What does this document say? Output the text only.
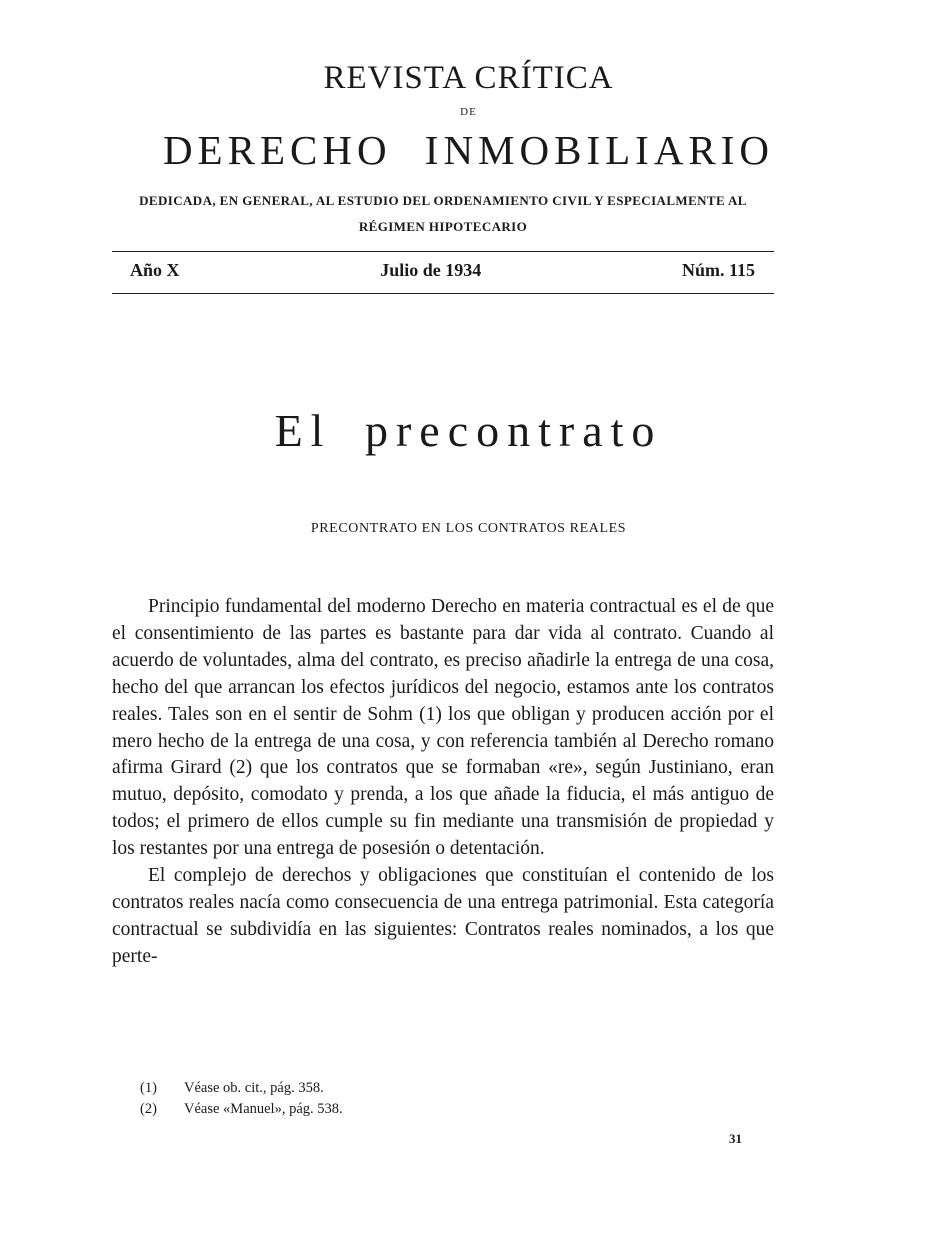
REVISTA CRÍTICA
DE
DERECHO INMOBILIARIO
DEDICADA, EN GENERAL, AL ESTUDIO DEL ORDENAMIENTO CIVIL Y ESPECIALMENTE AL RÉGIMEN HIPOTECARIO
Año X	Julio de 1934	Núm. 115
El precontrato
PRECONTRATO EN LOS CONTRATOS REALES

Principio fundamental del moderno Derecho en materia contractual es el de que el consentimiento de las partes es bastante para dar vida al contrato. Cuando al acuerdo de voluntades, alma del contrato, es preciso añadirle la entrega de una cosa, hecho del que arrancan los efectos jurídicos del negocio, estamos ante los contratos reales. Tales son en el sentir de Sohm (1) los que obligan y producen acción por el mero hecho de la entrega de una cosa, y con referencia también al Derecho romano afirma Girard (2) que los contratos que se formaban «re», según Justiniano, eran mutuo, depósito, comodato y prenda, a los que añade la fiducia, el más antiguo de todos; el primero de ellos cumple su fin mediante una transmisión de propiedad y los restantes por una entrega de posesión o detentación.

El complejo de derechos y obligaciones que constituían el contenido de los contratos reales nacía como consecuencia de una entrega patrimonial. Esta categoría contractual se subdividía en las siguientes: Contratos reales nominados, a los que perte-

(1)	Véase ob. cit., pág. 358.
(2)	Véase «Manuel», pág. 538.
31
